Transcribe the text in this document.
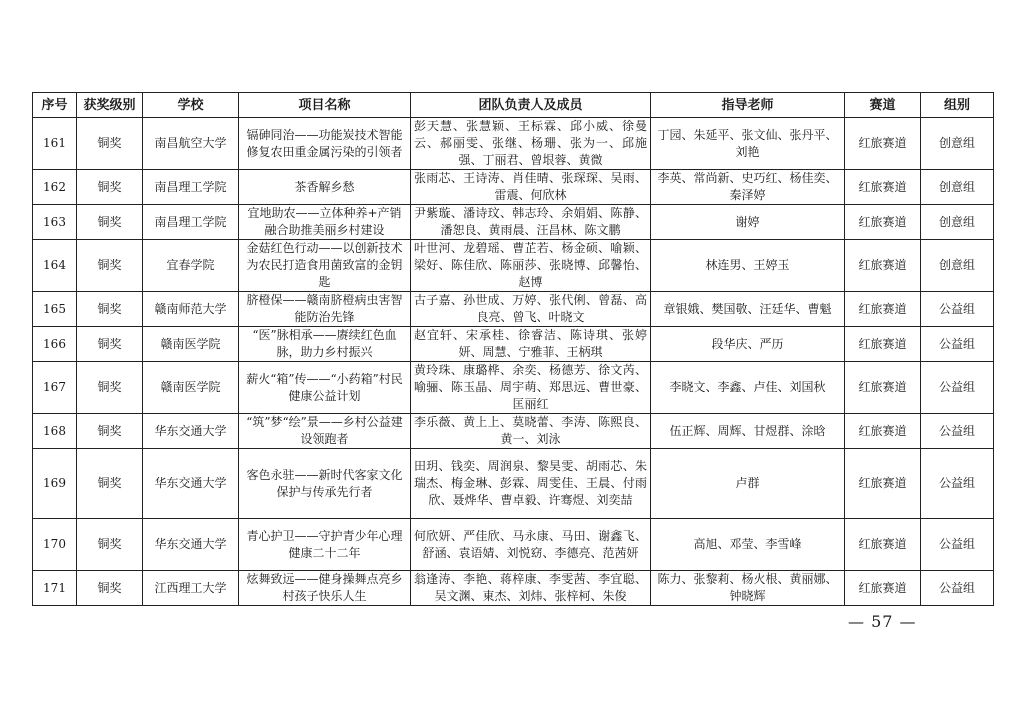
序号	获奖级别	学校	项目名称	团队负责人及成员	指导老师	赛道	组别
161	铜奖	南昌航空大学	镉砷同治——功能炭技术智能修复农田重金属污染的引领者	彭天慧、张慧颖、王标霖、邱小威、徐曼云、郝丽雯、张继、杨珊、张为一、邱施强、丁丽君、曾垠蓉、黄微	丁园、朱延平、张文仙、张丹平、刘艳	红旅赛道	创意组
162	铜奖	南昌理工学院	茶香解乡愁	张雨芯、王诗涛、肖佳晴、张琛琛、吴雨、雷震、何欣林	李英、常尚新、史巧红、杨佳奕、秦泽婷	红旅赛道	创意组
163	铜奖	南昌理工学院	宜地助农——立体种养+产销融合助推美丽乡村建设	尹紫璇、潘诗玟、韩志玲、余娟娟、陈静、潘恕良、黄雨晨、汪昌林、陈文鹏	谢婷	红旅赛道	创意组
164	铜奖	宜春学院	金菇红色行动——以创新技术为农民打造食用菌致富的金钥匙	叶世河、龙碧瑶、曹芷若、杨金硕、喻颖、梁好、陈佳欣、陈丽莎、张晓博、邱馨怡、赵博	林连男、王婷玉	红旅赛道	创意组
165	铜奖	赣南师范大学	脐橙保——赣南脐橙病虫害智能防治先锋	古子嘉、孙世成、万婷、张代俐、曾磊、高良亮、曾飞、叶晓文	章银娥、樊国敬、汪廷华、曹魁	红旅赛道	公益组
166	铜奖	赣南医学院	“医”脉相承——赓续红色血脉，助力乡村振兴	赵宜轩、宋承桂、徐睿洁、陈诗琪、张婷妍、周慧、宁雅菲、王柄琪	段华庆、严历	红旅赛道	公益组
167	铜奖	赣南医学院	薪火“箱”传——“小药箱”村民健康公益计划	黄玲珠、康璐桦、余奕、杨德芳、徐文芮、喻骊、陈玉晶、周宇萌、郑思远、曹世豪、匡丽红	李晓文、李鑫、卢佳、刘国秋	红旅赛道	公益组
168	铜奖	华东交通大学	“筑”梦“绘”景——乡村公益建设领跑者	李乐薇、黄上上、莫晓蕾、李涛、陈熙良、黄一、刘泳	伍正辉、周辉、甘煜群、涂晗	红旅赛道	公益组
169	铜奖	华东交通大学	客色永驻——新时代客家文化保护与传承先行者	田玥、钱奕、周润泉、黎昊雯、胡雨芯、朱瑞杰、梅金琳、彭霖、周雯佳、王晨、付雨欣、聂烨华、曹卓毅、许骞煜、刘奕喆	卢群	红旅赛道	公益组
170	铜奖	华东交通大学	青心护卫——守护青少年心理健康二十二年	何欣妍、严佳欣、马永康、马田、谢鑫飞、舒涵、袁语婧、刘悦窈、李德亮、范茜妍	高旭、邓莹、李雪峰	红旅赛道	公益组
171	铜奖	江西理工大学	炫舞致远——健身操舞点亮乡村孩子快乐人生	翁逢涛、李艳、蒋梓康、李雯茜、李宜聪、吴文渊、東杰、刘炜、张梓柯、朱俊	陈力、张黎莉、杨火根、黄丽娜、钟晓辉	红旅赛道	公益组
— 57 —
